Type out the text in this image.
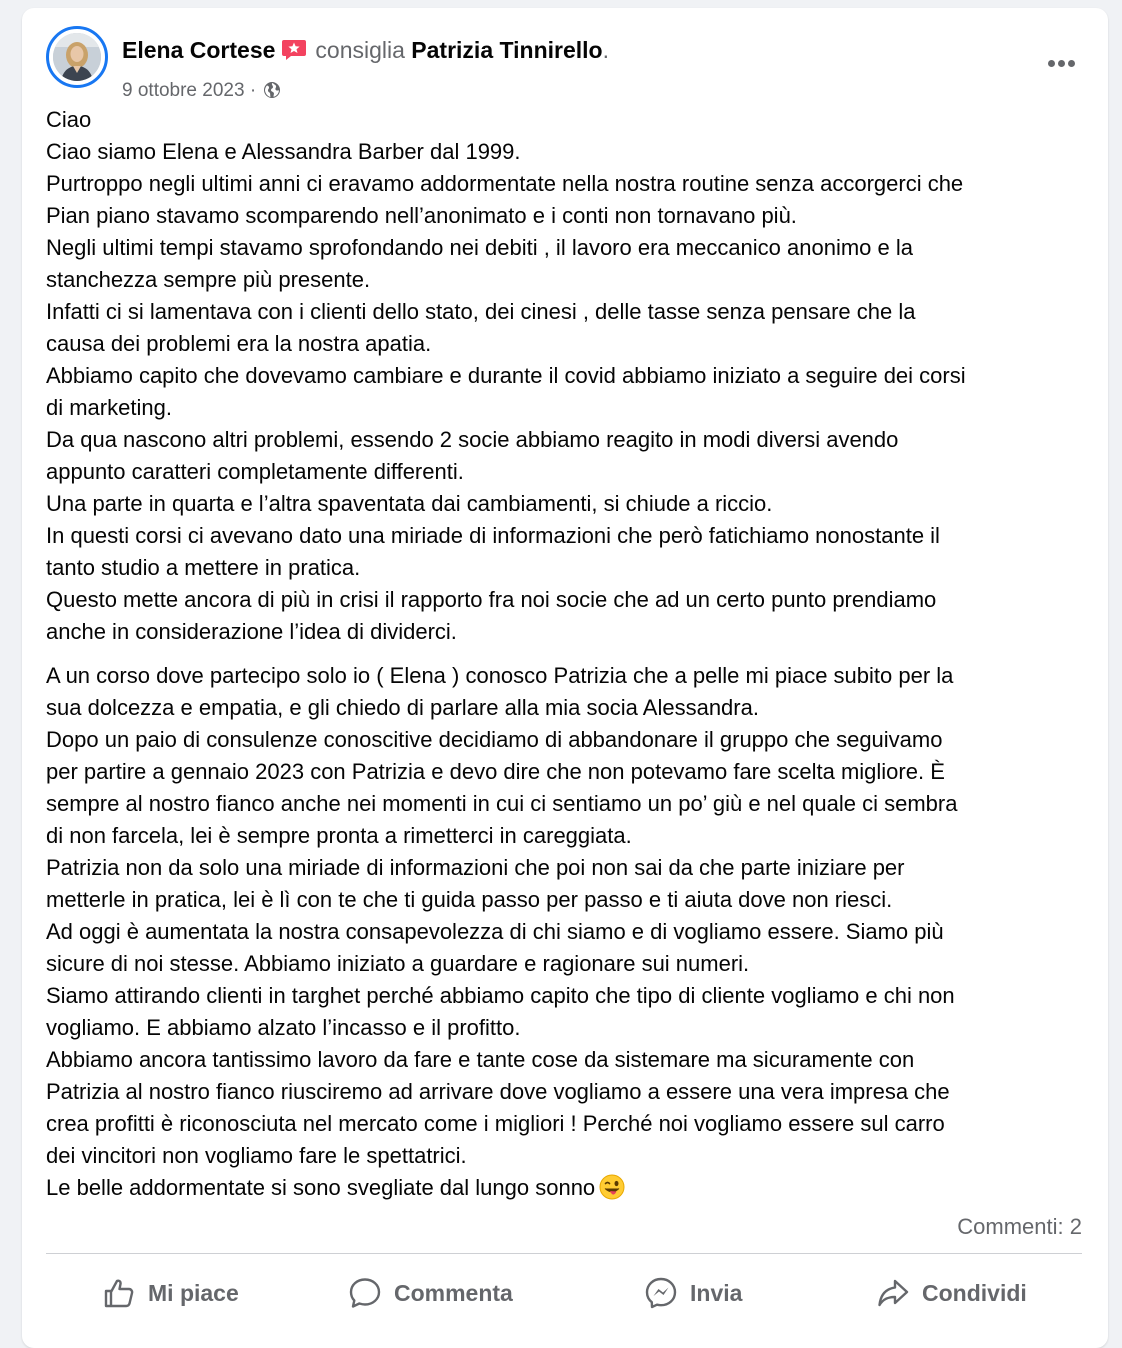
Elena Cortese consiglia Patrizia Tinnirello.
9 ottobre 2023 ·
Ciao
Ciao siamo Elena e Alessandra Barber dal 1999.
Purtroppo negli ultimi anni ci eravamo addormentate nella nostra routine senza accorgerci che
Pian piano stavamo scomparendo nell’anonimato e i conti non tornavano più.
Negli ultimi tempi stavamo sprofondando nei debiti , il lavoro era meccanico anonimo e la
stanchezza sempre più presente.
Infatti ci si lamentava con i clienti dello stato, dei cinesi , delle tasse senza pensare che la
causa dei problemi era la nostra apatia.
Abbiamo capito che dovevamo cambiare e durante il covid abbiamo iniziato a seguire dei corsi
di marketing.
Da qua nascono altri problemi, essendo 2 socie abbiamo reagito in modi diversi avendo
appunto caratteri completamente differenti.
Una parte in quarta e l’altra spaventata dai cambiamenti, si chiude a riccio.
In questi corsi ci avevano dato una miriade di informazioni che però fatichiamo nonostante il
tanto studio a mettere in pratica.
Questo mette ancora di più in crisi il rapporto fra noi socie che ad un certo punto prendiamo
anche in considerazione l’idea di dividerci.
A un corso dove partecipo solo io ( Elena ) conosco Patrizia che a pelle mi piace subito per la
sua dolcezza e empatia, e gli chiedo di parlare alla mia socia Alessandra.
Dopo un paio di consulenze conoscitive decidiamo di abbandonare il gruppo che seguivamo
per partire a gennaio 2023 con Patrizia e devo dire che non potevamo fare scelta migliore. È
sempre al nostro fianco anche nei momenti in cui ci sentiamo un po’ giù e nel quale ci sembra
di non farcela, lei è sempre pronta a rimetterci in careggiata.
Patrizia non da solo una miriade di informazioni che poi non sai da che parte iniziare per
metterle in pratica, lei è lì con te che ti guida passo per passo e ti aiuta dove non riesci.
Ad oggi è aumentata la nostra consapevolezza di chi siamo e di vogliamo essere. Siamo più
sicure di noi stesse. Abbiamo iniziato a guardare e ragionare sui numeri.
Siamo attirando clienti in targhet perché abbiamo capito che tipo di cliente vogliamo e chi non
vogliamo. E abbiamo alzato l’incasso e il profitto.
Abbiamo ancora tantissimo lavoro da fare e tante cose da sistemare ma sicuramente con
Patrizia al nostro fianco riusciremo ad arrivare dove vogliamo a essere una vera impresa che
crea profitti è riconosciuta nel mercato come i migliori ! Perché noi vogliamo essere sul carro
dei vincitori non vogliamo fare le spettatrici.
Le belle addormentate si sono svegliate dal lungo sonno
Commenti: 2
Mi piace	Commenta	Invia	Condividi
